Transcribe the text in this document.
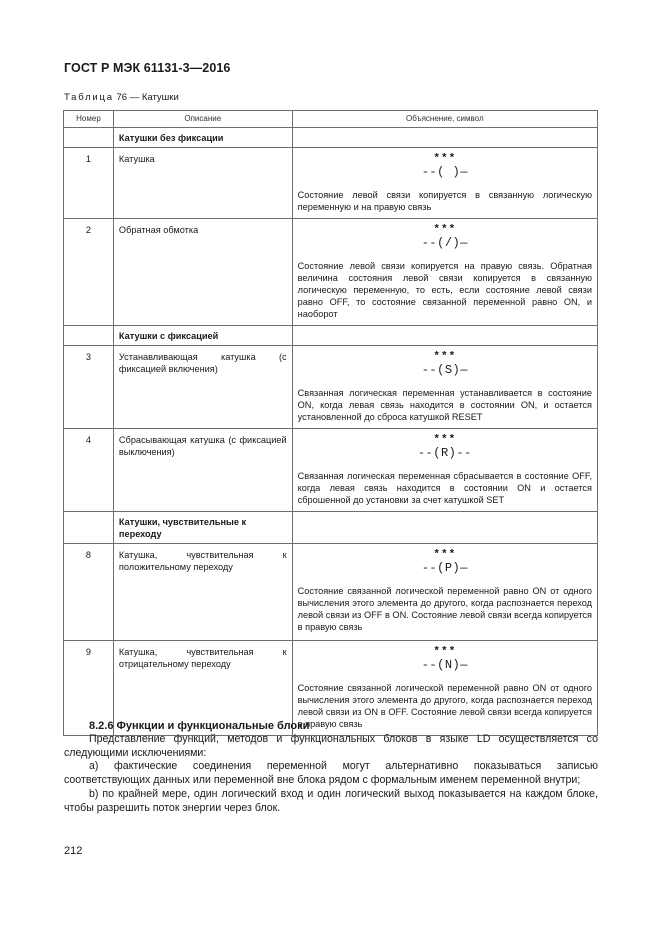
ГОСТ Р МЭК 61131-3—2016
Таблица 76 — Катушки
Номер	Описание	Объяснение, символ
	Катушки без фиксации	
1	Катушка	***
--( )—
Состояние левой связи копируется в связанную логическую переменную и на правую связь

2	Обратная обмотка	***
--(/)—
Состояние левой связи копируется на правую связь. Обратная величина состояния левой связи копируется в связанную логическую переменную, то есть, если состояние левой связи равно OFF, то состояние связанной переменной равно ON, и наоборот

	Катушки с фиксацией	
3	Устанавливающая катушка (с фиксацией включения)	***
--(S)—
Связанная логическая переменная устанавливается в состояние ON, когда левая связь находится в состоянии ON, и остается установленной до сброса катушкой RESET

4	Сбрасывающая катушка (с фиксацией выключения)	***
--(R)--
Связанная логическая переменная сбрасывается в состояние OFF, когда левая связь находится в состоянии ON и остается сброшенной до установки за счет катушкой SET

	Катушки, чувствительные к переходу	
8	Катушка, чувствительная к положительному переходу	***
--(P)—
Состояние связанной логической переменной равно ON от одного вычисления этого элемента до другого, когда распознается переход левой связи из OFF в ON. Состояние левой связи всегда копируется в правую связь

9	Катушка, чувствительная к отрицательному переходу	***
--(N)—
Состояние связанной логической переменной равно ON от одного вычисления этого элемента до другого, когда распознается переход левой связи из ON в OFF. Состояние левой связи всегда копируется в правую связь
8.2.6 Функции и функциональные блоки
Представление функций, методов и функциональных блоков в языке LD осуществляется со следующими исключениями:
a) фактические соединения переменной могут альтернативно показываться записью соответствующих данных или переменной вне блока рядом с формальным именем переменной внутри;
b) по крайней мере, один логический вход и один логический выход показывается на каждом блоке, чтобы разрешить поток энергии через блок.
212
